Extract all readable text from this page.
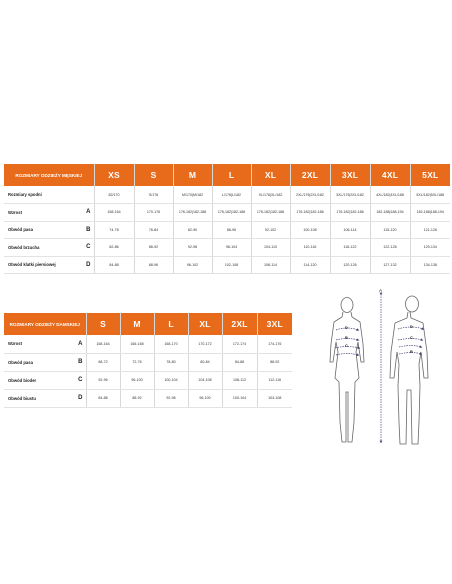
ROZMIARY ODZIEŻY MĘSKIEJ		XS	S	M	L	XL	2XL	3XL	4XL	5XL
Rozmiary spodni		82/170	S/176	M/170|M/182	L/176|L/182	XL/176|XL/182	2XL/176|2XL/182	3XL/176|3XL/182	4XL/182|4XL/188	5XL/182|5XL/188
Wzrost	A	158-164	170-176	176-182|182-188	176-182|182-188	176-182|182-188	176-182|182-188	176-182|182-188	182-188|188-194	182-188|188-194
Obwód pasa	B	74-78	76-84	82-90	88-96	92-102	100-108	106-114	115-120	121-126
Obwód brzucha	C	82-86	86-92	92-98	98-104	104-110	110-116	116-122	122-128	129-134
Obwód klatki piersiowej	D	84-88	88-96	96-102	102-108	108-114	114-120	120-126	127-132	134-138
ROZMIARY ODZIEŻY DAMSKIEJ		S	M	L	XL	2XL	3XL
Wzrost	A	158-164	166-168	168-170	170-172	172-174	174-176
Obwód pasa	B	68-72	72-76	78-80	80-84	84-88	88-92
Obwód bioder	C	92-96	96-100	100-104	104-108	108-112	112-116
Obwód biustu	D	84-88	88-92	92-96	96-100	100-104	104-108
A
D
B
C
D
C
B
